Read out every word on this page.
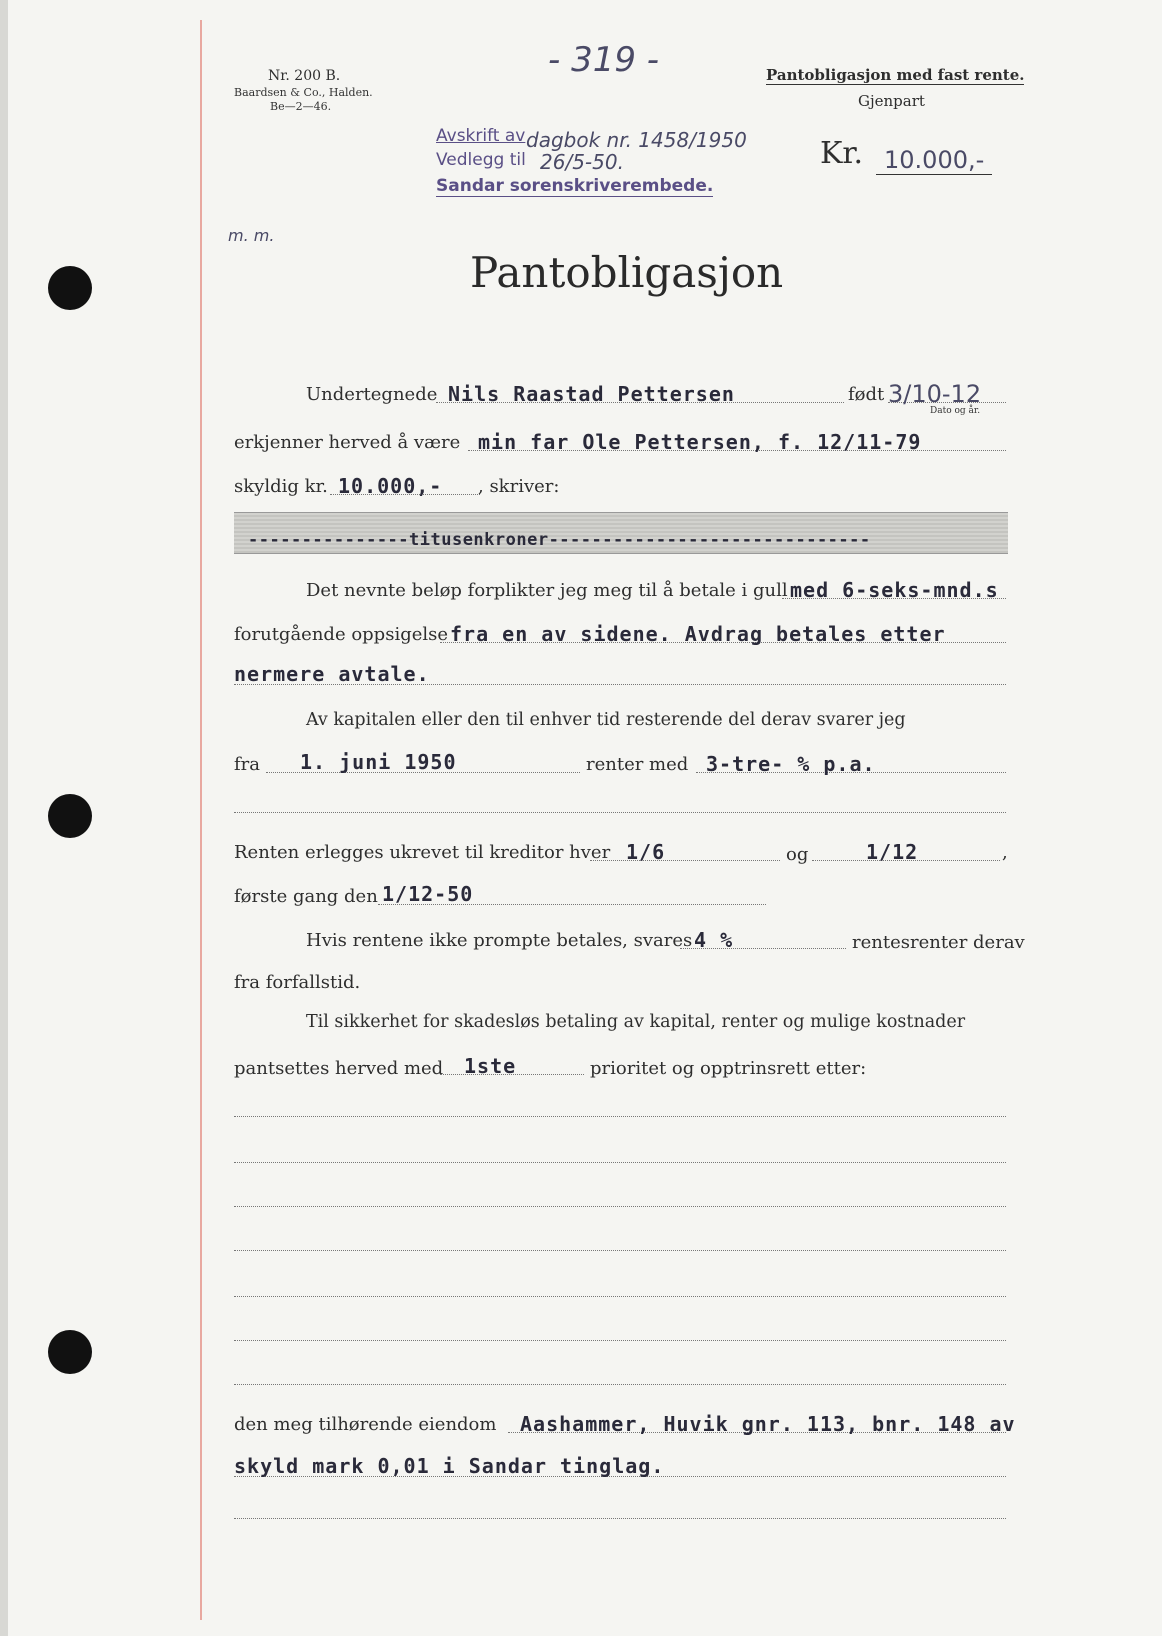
Nr. 200 B.
Baardsen & Co., Halden.
Be—2—46.
- 319 -	Pantobligasjon med fast rente.
Gjenpart
Avskrift av dagbok nr. 1458/1950
Vedlegg til 26/5-50.
Sandar sorenskriverembede.
Kr. 10.000,-
m. m.
Pantobligasjon
Undertegnede Nils Raastad Pettersen	født 3/10-12
Dato og år.
erkjenner herved å være min far Ole Pettersen, f. 12/11-79
skyldig kr. 10.000,- , skriver:
---------------titusenkroner------------------------------
Det nevnte beløp forplikter jeg meg til å betale i gull med 6-seks-mnd.s
forutgående oppsigelse fra en av sidene. Avdrag betales etter
nermere avtale.
Av kapitalen eller den til enhver tid resterende del derav svarer jeg
fra 1. juni 1950	renter med 3-tre- % p.a.
Renten erlegges ukrevet til kreditor hver 1/6	og	1/12	,
første gang den 1/12-50
Hvis rentene ikke prompte betales, svares 4 %	rentesrenter derav
fra forfallstid.
Til sikkerhet for skadesløs betaling av kapital, renter og mulige kostnader
pantsettes herved med 1ste	prioritet og opptrinsrett etter:
den meg tilhørende eiendom Aashammer, Huvik gnr. 113, bnr. 148 av
skyld mark 0,01 i Sandar tinglag.
